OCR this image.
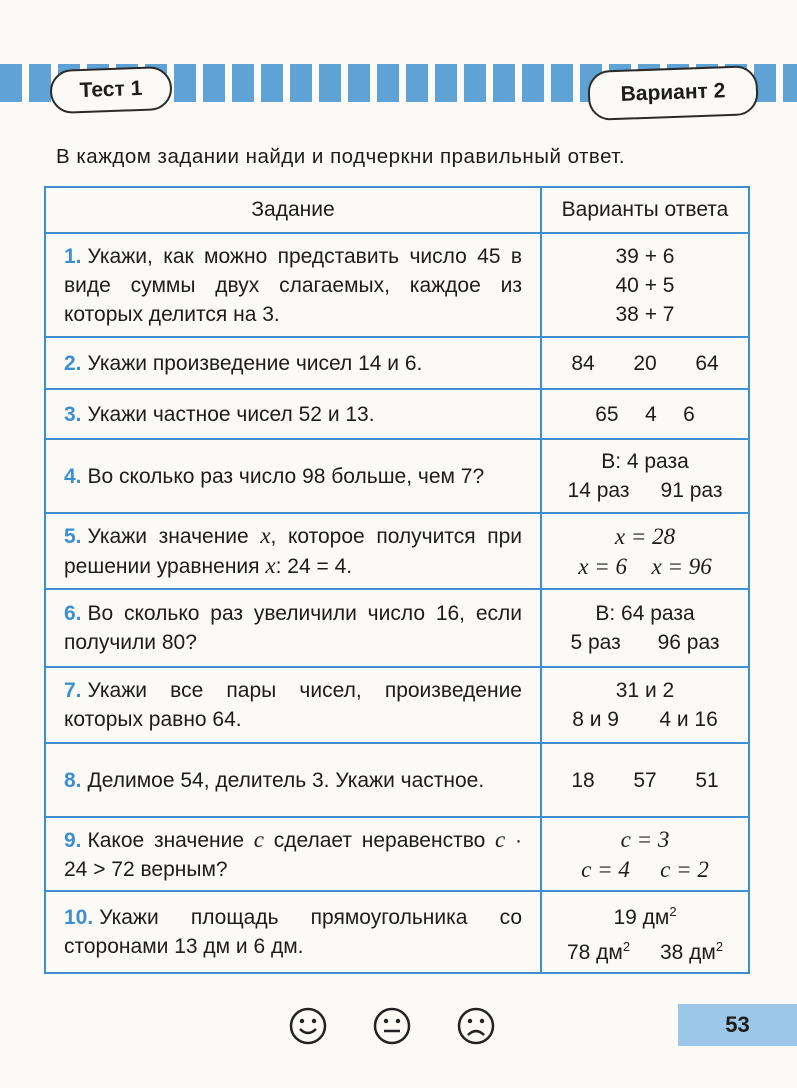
Тест 1	Вариант 2
В каждом задании найди и подчеркни правильный ответ.
Задание	Варианты ответа
1. Укажи, как можно представить число 45 в виде суммы двух слагаемых, каждое из которых делится на 3.	39 + 6
40 + 5
38 + 7

2. Укажи произведение чисел 14 и 6.	84 20 64

3. Укажи частное чисел 52 и 13.	65 4 6

4. Во сколько раз число 98 больше, чем 7?	В: 4 раза
14 раз 91 раз

5. Укажи значение x, которое получится при решении уравнения x: 24 = 4.	x = 28
x = 6 x = 96

6. Во сколько раз увеличили число 16, если получили 80?	В: 64 раза
5 раз 96 раз

7. Укажи все пары чисел, произведение которых равно 64.	31 и 2
8 и 9 4 и 16

8. Делимое 54, делитель 3. Укажи частное.	18 57 51

9. Какое значение c сделает неравенство c · 24 > 72 верным?	c = 3
c = 4 c = 2

10. Укажи площадь прямоугольника со сторонами 13 дм и 6 дм.	19 $дм^2$
78 $дм^2$ 38 $дм^2$
53
